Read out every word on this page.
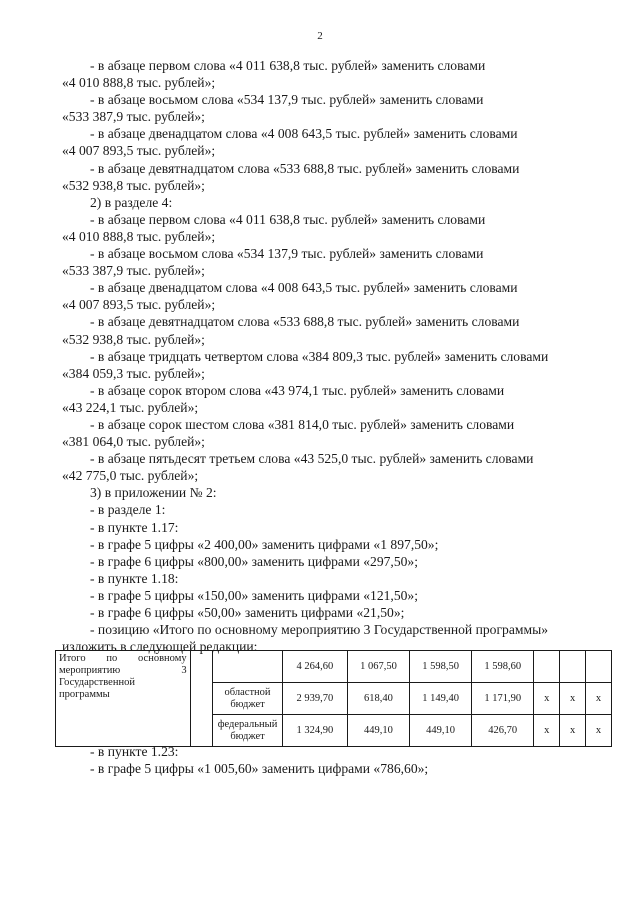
2

- в абзаце первом слова «4 011 638,8 тыс. рублей» заменить словами

«4 010 888,8 тыс. рублей»;

- в абзаце восьмом слова «534 137,9 тыс. рублей» заменить словами

«533 387,9 тыс. рублей»;

- в абзаце двенадцатом слова «4 008 643,5 тыс. рублей» заменить словами

«4 007 893,5 тыс. рублей»;

- в абзаце девятнадцатом слова «533 688,8 тыс. рублей» заменить словами

«532 938,8 тыс. рублей»;

2) в разделе 4:

- в абзаце первом слова «4 011 638,8 тыс. рублей» заменить словами

«4 010 888,8 тыс. рублей»;

- в абзаце восьмом слова «534 137,9 тыс. рублей» заменить словами

«533 387,9 тыс. рублей»;

- в абзаце двенадцатом слова «4 008 643,5 тыс. рублей» заменить словами

«4 007 893,5 тыс. рублей»;

- в абзаце девятнадцатом слова «533 688,8 тыс. рублей» заменить словами

«532 938,8 тыс. рублей»;

- в абзаце тридцать четвертом слова «384 809,3 тыс. рублей» заменить словами

«384 059,3 тыс. рублей»;

- в абзаце сорок втором слова «43 974,1 тыс. рублей» заменить словами

«43 224,1 тыс. рублей»;

- в абзаце сорок шестом слова «381 814,0 тыс. рублей» заменить словами

«381 064,0 тыс. рублей»;

- в абзаце пятьдесят третьем слова «43 525,0 тыс. рублей» заменить словами

«42 775,0 тыс. рублей»;

3) в приложении № 2:

- в разделе 1:

- в пункте 1.17:

- в графе 5 цифры «2 400,00» заменить цифрами «1 897,50»;

- в графе 6 цифры «800,00» заменить цифрами «297,50»;

- в пункте 1.18:

- в графе 5 цифры «150,00» заменить цифрами «121,50»;

- в графе 6 цифры «50,00» заменить цифрами «21,50»;

- позицию «Итого по основному мероприятию 3 Государственной программы»

изложить в следующей редакции:

Итого по основному мероприятию 3 Государственной программы			4 264,60	1 067,50	1 598,50	1 598,60			
		областной бюджет	2 939,70	618,40	1 149,40	1 171,90	х	х	х
		федеральный бюджет	1 324,90	449,10	449,10	426,70	х	х	х

- в пункте 1.23:

- в графе 5 цифры «1 005,60» заменить цифрами «786,60»;
